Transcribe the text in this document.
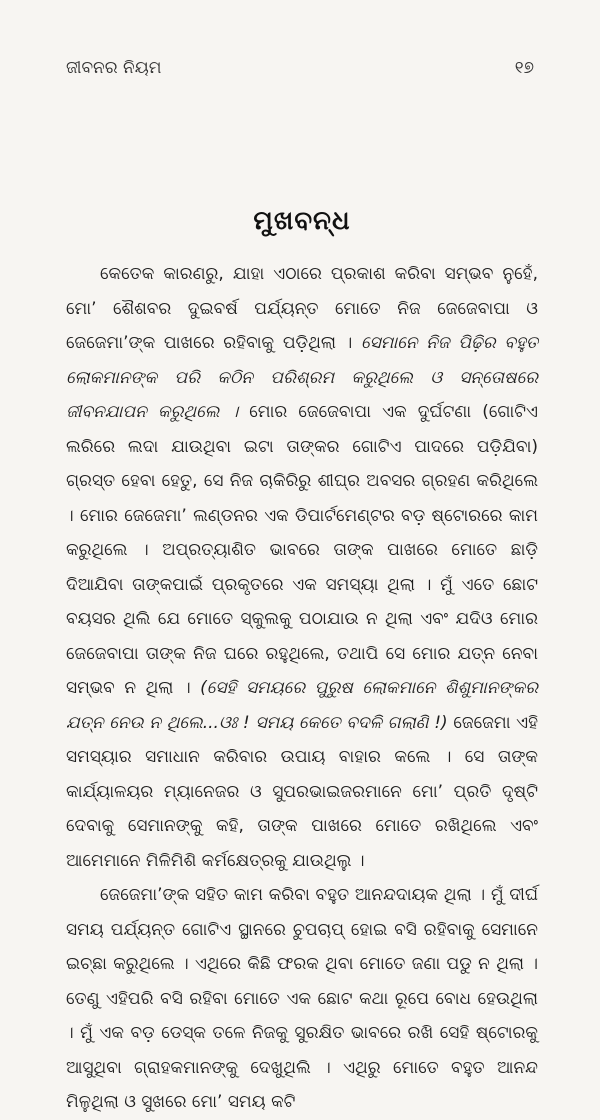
ଜୀବନର ନିୟମ	୧୭
ମୁଖବନ୍ଧ

କେତେକ କାରଣରୁ, ଯାହା ଏଠାରେ ପ୍ରକାଶ କରିବା ସମ୍ଭବ ନୁହେଁ, ମୋ’ ଶୈଶବର ଦୁଇବର୍ଷ ପର୍ଯ୍ୟନ୍ତ ମୋତେ ନିଜ ଜେଜେବାପା ଓ ଜେଜେମା’ଙ୍କ ପାଖରେ ରହିବାକୁ ପଡ଼ିଥିଲା । ସେମାନେ ନିଜ ପିଢ଼ିର ବହୁତ ଲୋକମାନଙ୍କ ପରି କଠିନ ପରିଶ୍ରମ କରୁଥିଲେ ଓ ସନ୍ତୋଷରେ ଜୀବନଯାପନ କରୁଥିଲେ । ମୋର ଜେଜେବାପା ଏକ ଦୁର୍ଘଟଣା (ଗୋଟିଏ ଲରିରେ ଲଦା ଯାଉଥିବା ଇଟା ତାଙ୍କର ଗୋଟିଏ ପାଦରେ ପଡ଼ିଯିବା) ଗ୍ରସ୍ତ ହେବା ହେତୁ, ସେ ନିଜ ଚାକିରିରୁ ଶୀଘ୍ର ଅବସର ଗ୍ରହଣ କରିଥିଲେ । ମୋର ଜେଜେମା’ ଲଣ୍ଡନର ଏକ ଡିପାର୍ଟମେଣ୍ଟର ବଡ଼ ଷ୍ଟୋରରେ କାମ କରୁଥିଲେ । ଅପ୍ରତ୍ୟାଶିତ ଭାବରେ ତାଙ୍କ ପାଖରେ ମୋତେ ଛାଡ଼ି ଦିଆଯିବା ତାଙ୍କପାଇଁ ପ୍ରକୃତରେ ଏକ ସମସ୍ୟା ଥିଲା । ମୁଁ ଏତେ ଛୋଟ ବୟସର ଥିଲି ଯେ ମୋତେ ସ୍କୁଲକୁ ପଠାଯାଉ ନ ଥିଲା ଏବଂ ଯଦିଓ ମୋର ଜେଜେବାପା ତାଙ୍କ ନିଜ ଘରେ ରହୁଥିଲେ, ତଥାପି ସେ ମୋର ଯତ୍ନ ନେବା ସମ୍ଭବ ନ ଥିଲା । (ସେହି ସମୟରେ ପୁରୁଷ ଲୋକମାନେ ଶିଶୁମାନଙ୍କର ଯତ୍ନ ନେଉ ନ ଥିଲେ...ଓଃ ! ସମୟ କେତେ ବଦଳି ଗଲାଣି !) ଜେଜେମା ଏହି ସମସ୍ୟାର ସମାଧାନ କରିବାର ଉପାୟ ବାହାର କଲେ । ସେ ତାଙ୍କ କାର୍ଯ୍ୟାଳୟର ମ୍ୟାନେଜର ଓ ସୁପରଭାଇଜରମାନେ ମୋ’ ପ୍ରତି ଦୃଷ୍ଟି ଦେବାକୁ ସେମାନଙ୍କୁ କହି, ତାଙ୍କ ପାଖରେ ମୋତେ ରଖିଥିଲେ ଏବଂ ଆମେମାନେ ମିଳିମିଶି କର୍ମକ୍ଷେତ୍ରକୁ ଯାଉଥିଲୁ ।

ଜେଜେମା’ଙ୍କ ସହିତ କାମ କରିବା ବହୁତ ଆନନ୍ଦଦାୟକ ଥିଲା । ମୁଁ ଦୀର୍ଘ ସମୟ ପର୍ଯ୍ୟନ୍ତ ଗୋଟିଏ ସ୍ଥାନରେ ଚୁପଚାପ୍ ହୋଇ ବସି ରହିବାକୁ ସେମାନେ ଇଚ୍ଛା କରୁଥିଲେ । ଏଥିରେ କିଛି ଫରକ ଥିବା ମୋତେ ଜଣା ପଡୁ ନ ଥିଲା । ତେଣୁ ଏହିପରି ବସି ରହିବା ମୋତେ ଏକ ଛୋଟ କଥା ରୂପେ ବୋଧ ହେଉଥିଲା । ମୁଁ ଏକ ବଡ଼ ଡେସ୍କ ତଳେ ନିଜକୁ ସୁରକ୍ଷିତ ଭାବରେ ରଖି ସେହି ଷ୍ଟୋରକୁ ଆସୁଥିବା ଗ୍ରାହକମାନଙ୍କୁ ଦେଖୁଥିଲି । ଏଥିରୁ ମୋତେ ବହୁତ ଆନନ୍ଦ ମିଳୁଥିଲା ଓ ସୁଖରେ ମୋ’ ସମୟ କଟି
